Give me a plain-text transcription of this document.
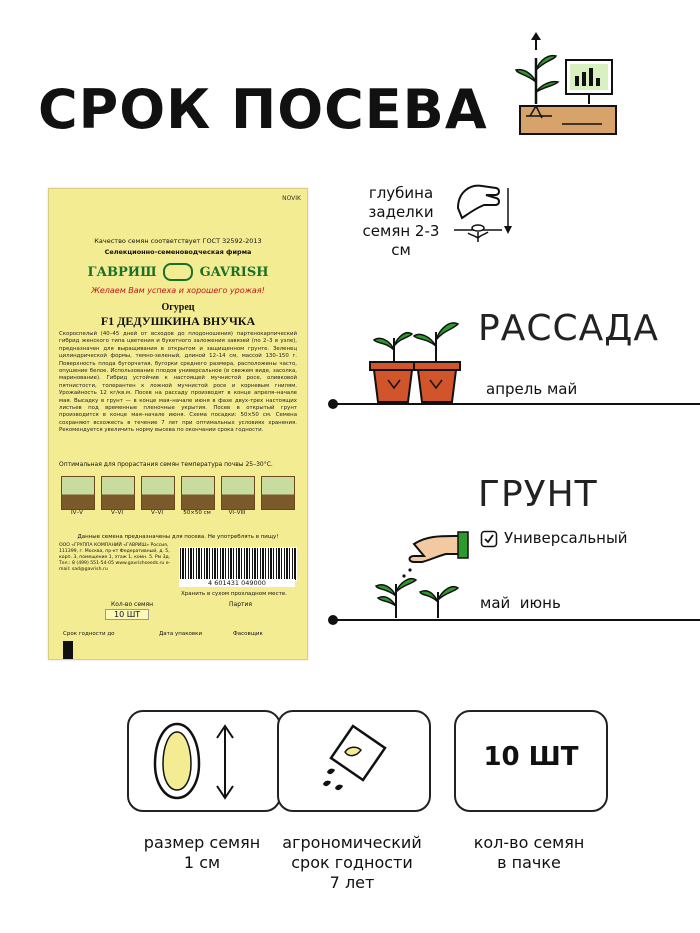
СРОК ПОСЕВА
NOVIK
Качество семян соответствует ГОСТ 32592-2013
Селекционно-семеноводческая фирма
ГАВРИШ	GAVRISH
Желаем Вам успеха и хорошего урожая!
Огурец
F1 ДЕДУШКИНА ВНУЧКА
Скороспелый (40–45 дней от всходов до плодоношения) партенокарпический гибрид женского типа цветения и букетного заложения завязей (по 2–3 в узле), предназначен для выращивания в открытом и защищенном грунте. Зеленец цилиндрической формы, темно-зеленый, длиной 12–14 см, массой 130–150 г. Поверхность плода бугорчатая, бугорки среднего размера, расположены часто, опушение белое. Использование плодов универсальное (в свежем виде, засолка, маринование). Гибрид устойчив к настоящей мучнистой росе, оливковой пятнистости, толерантен к ложной мучнистой росе и корневым гнилям. Урожайность 12 кг/кв.м. Посев на рассаду производят в конце апреля–начале мая. Высадку в грунт — в конце мая–начале июня в фазе двух-трех настоящих листьев под временные пленочные укрытия. Посев в открытый грунт производится в конце мая–начале июня. Схема посадки: 50×50 см. Семена сохраняют всхожесть в течение 7 лет при оптимальных условиях хранения. Рекомендуется увеличить норму высева по окончании срока годности.
Оптимальная для прорастания семян температура почвы 25–30°С.
IV–V	V–VI	V–VI	50×50 см	VI–VIII
Данные семена предназначены для посева. Не употреблять в пищу!
ООО «ГРУППА КОМПАНИЙ «ГАВРИШ» Россия, 111399, г. Москва, пр-кт Федеративный, д. 5, корп. 3, помещение 1, этаж 1, комн. 5. Рм 3д. Тел.: 8 (499) 551-54-05 www.gavrishseeds.ru e-mail: sad@gavrish.ru
4 601431 049000
Хранить в сухом прохладном месте.
Кол-во семян	Партия
10 ШТ
Срок годности до	Дата упаковки	Фасовщик
глубина заделки семян 2-3 см
РАССАДА
апрель май
ГРУНТ
Универсальный
май  июнь
размер семян
1 см
агрономический
срок годности
7 лет
10 ШТ
кол-во семян
в пачке
